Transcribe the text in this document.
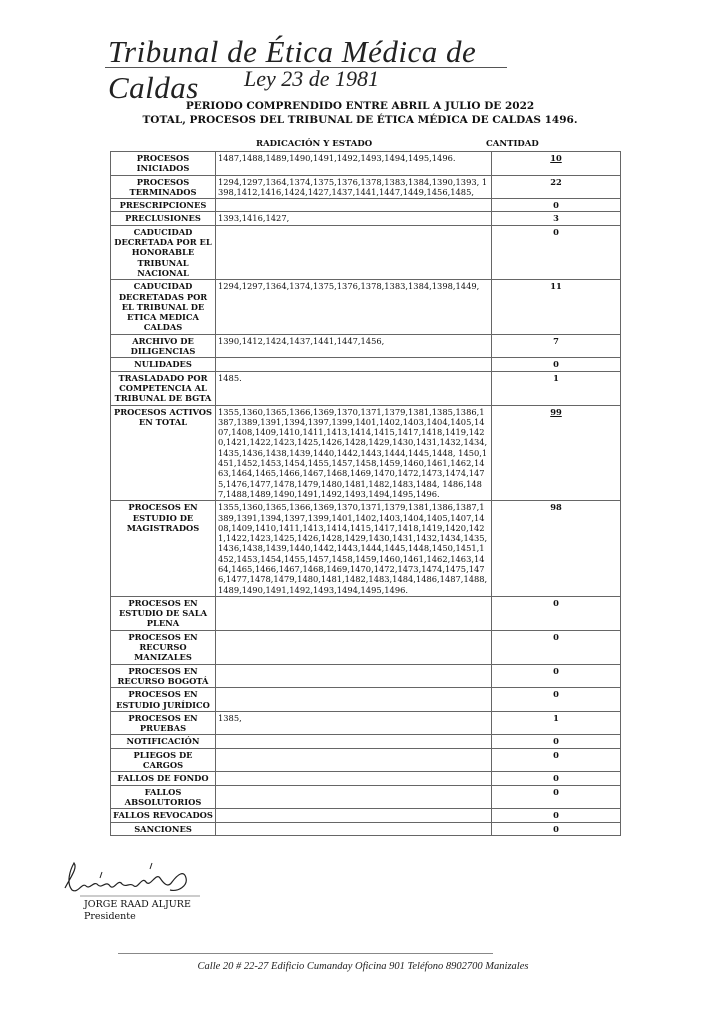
Tribunal de Ética Médica de Caldas	Ley 23 de 1981
PERIODO COMPRENDIDO ENTRE ABRIL A JULIO DE 2022
TOTAL, PROCESOS DEL TRIBUNAL DE ÉTICA MÉDICA DE CALDAS 1496.
RADICACIÓN Y ESTADO	CANTIDAD
PROCESOS INICIADOS	1487,1488,1489,1490,1491,1492,1493,1494,1495,1496.	10
PROCESOS TERMINADOS	1294,1297,1364,1374,1375,1376,1378,1383,1384,1390,1393, 1398,1412,1416,1424,1427,1437,1441,1447,1449,1456,1485,	22
PRESCRIPCIONES		0
PRECLUSIONES	1393,1416,1427,	3
CADUCIDAD DECRETADA POR EL HONORABLE TRIBUNAL NACIONAL		0
CADUCIDAD DECRETADAS POR EL TRIBUNAL DE ETICA MEDICA CALDAS	1294,1297,1364,1374,1375,1376,1378,1383,1384,1398,1449,	11
ARCHIVO DE DILIGENCIAS	1390,1412,1424,1437,1441,1447,1456,	7
NULIDADES		0
TRASLADADO POR COMPETENCIA AL TRIBUNAL DE BGTA	1485.	1
PROCESOS ACTIVOS EN TOTAL	1355,1360,1365,1366,1369,1370,1371,1379,1381,1385,1386,1387,1389,1391,1394,1397,1399,1401,1402,1403,1404,1405,1407,1408,1409,1410,1411,1413,1414,1415,1417,1418,1419,1420,1421,1422,1423,1425,1426,1428,1429,1430,1431,1432,1434,1435,1436,1438,1439,1440,1442,1443,1444,1445,1448, 1450,1451,1452,1453,1454,1455,1457,1458,1459,1460,1461,1462,1463,1464,1465,1466,1467,1468,1469,1470,1472,1473,1474,1475,1476,1477,1478,1479,1480,1481,1482,1483,1484, 1486,1487,1488,1489,1490,1491,1492,1493,1494,1495,1496.	99
PROCESOS EN ESTUDIO DE MAGISTRADOS	1355,1360,1365,1366,1369,1370,1371,1379,1381,1386,1387,1389,1391,1394,1397,1399,1401,1402,1403,1404,1405,1407,1408,1409,1410,1411,1413,1414,1415,1417,1418,1419,1420,1421,1422,1423,1425,1426,1428,1429,1430,1431,1432,1434,1435,1436,1438,1439,1440,1442,1443,1444,1445,1448,1450,1451,1452,1453,1454,1455,1457,1458,1459,1460,1461,1462,1463,1464,1465,1466,1467,1468,1469,1470,1472,1473,1474,1475,1476,1477,1478,1479,1480,1481,1482,1483,1484,1486,1487,1488,1489,1490,1491,1492,1493,1494,1495,1496.	98
PROCESOS EN ESTUDIO DE SALA PLENA		0
PROCESOS EN RECURSO MANIZALES		0
PROCESOS EN RECURSO BOGOTÁ		0
PROCESOS EN ESTUDIO JURÍDICO		0
PROCESOS EN PRUEBAS	1385,	1
NOTIFICACIÓN		0
PLIEGOS DE CARGOS		0
FALLOS DE FONDO		0
FALLOS ABSOLUTORIOS		0
FALLOS REVOCADOS		0
SANCIONES		0
JORGE RAAD ALJURE
Presidente
Calle 20 # 22-27 Edificio Cumanday Oficina 901 Teléfono 8902700 Manizales
